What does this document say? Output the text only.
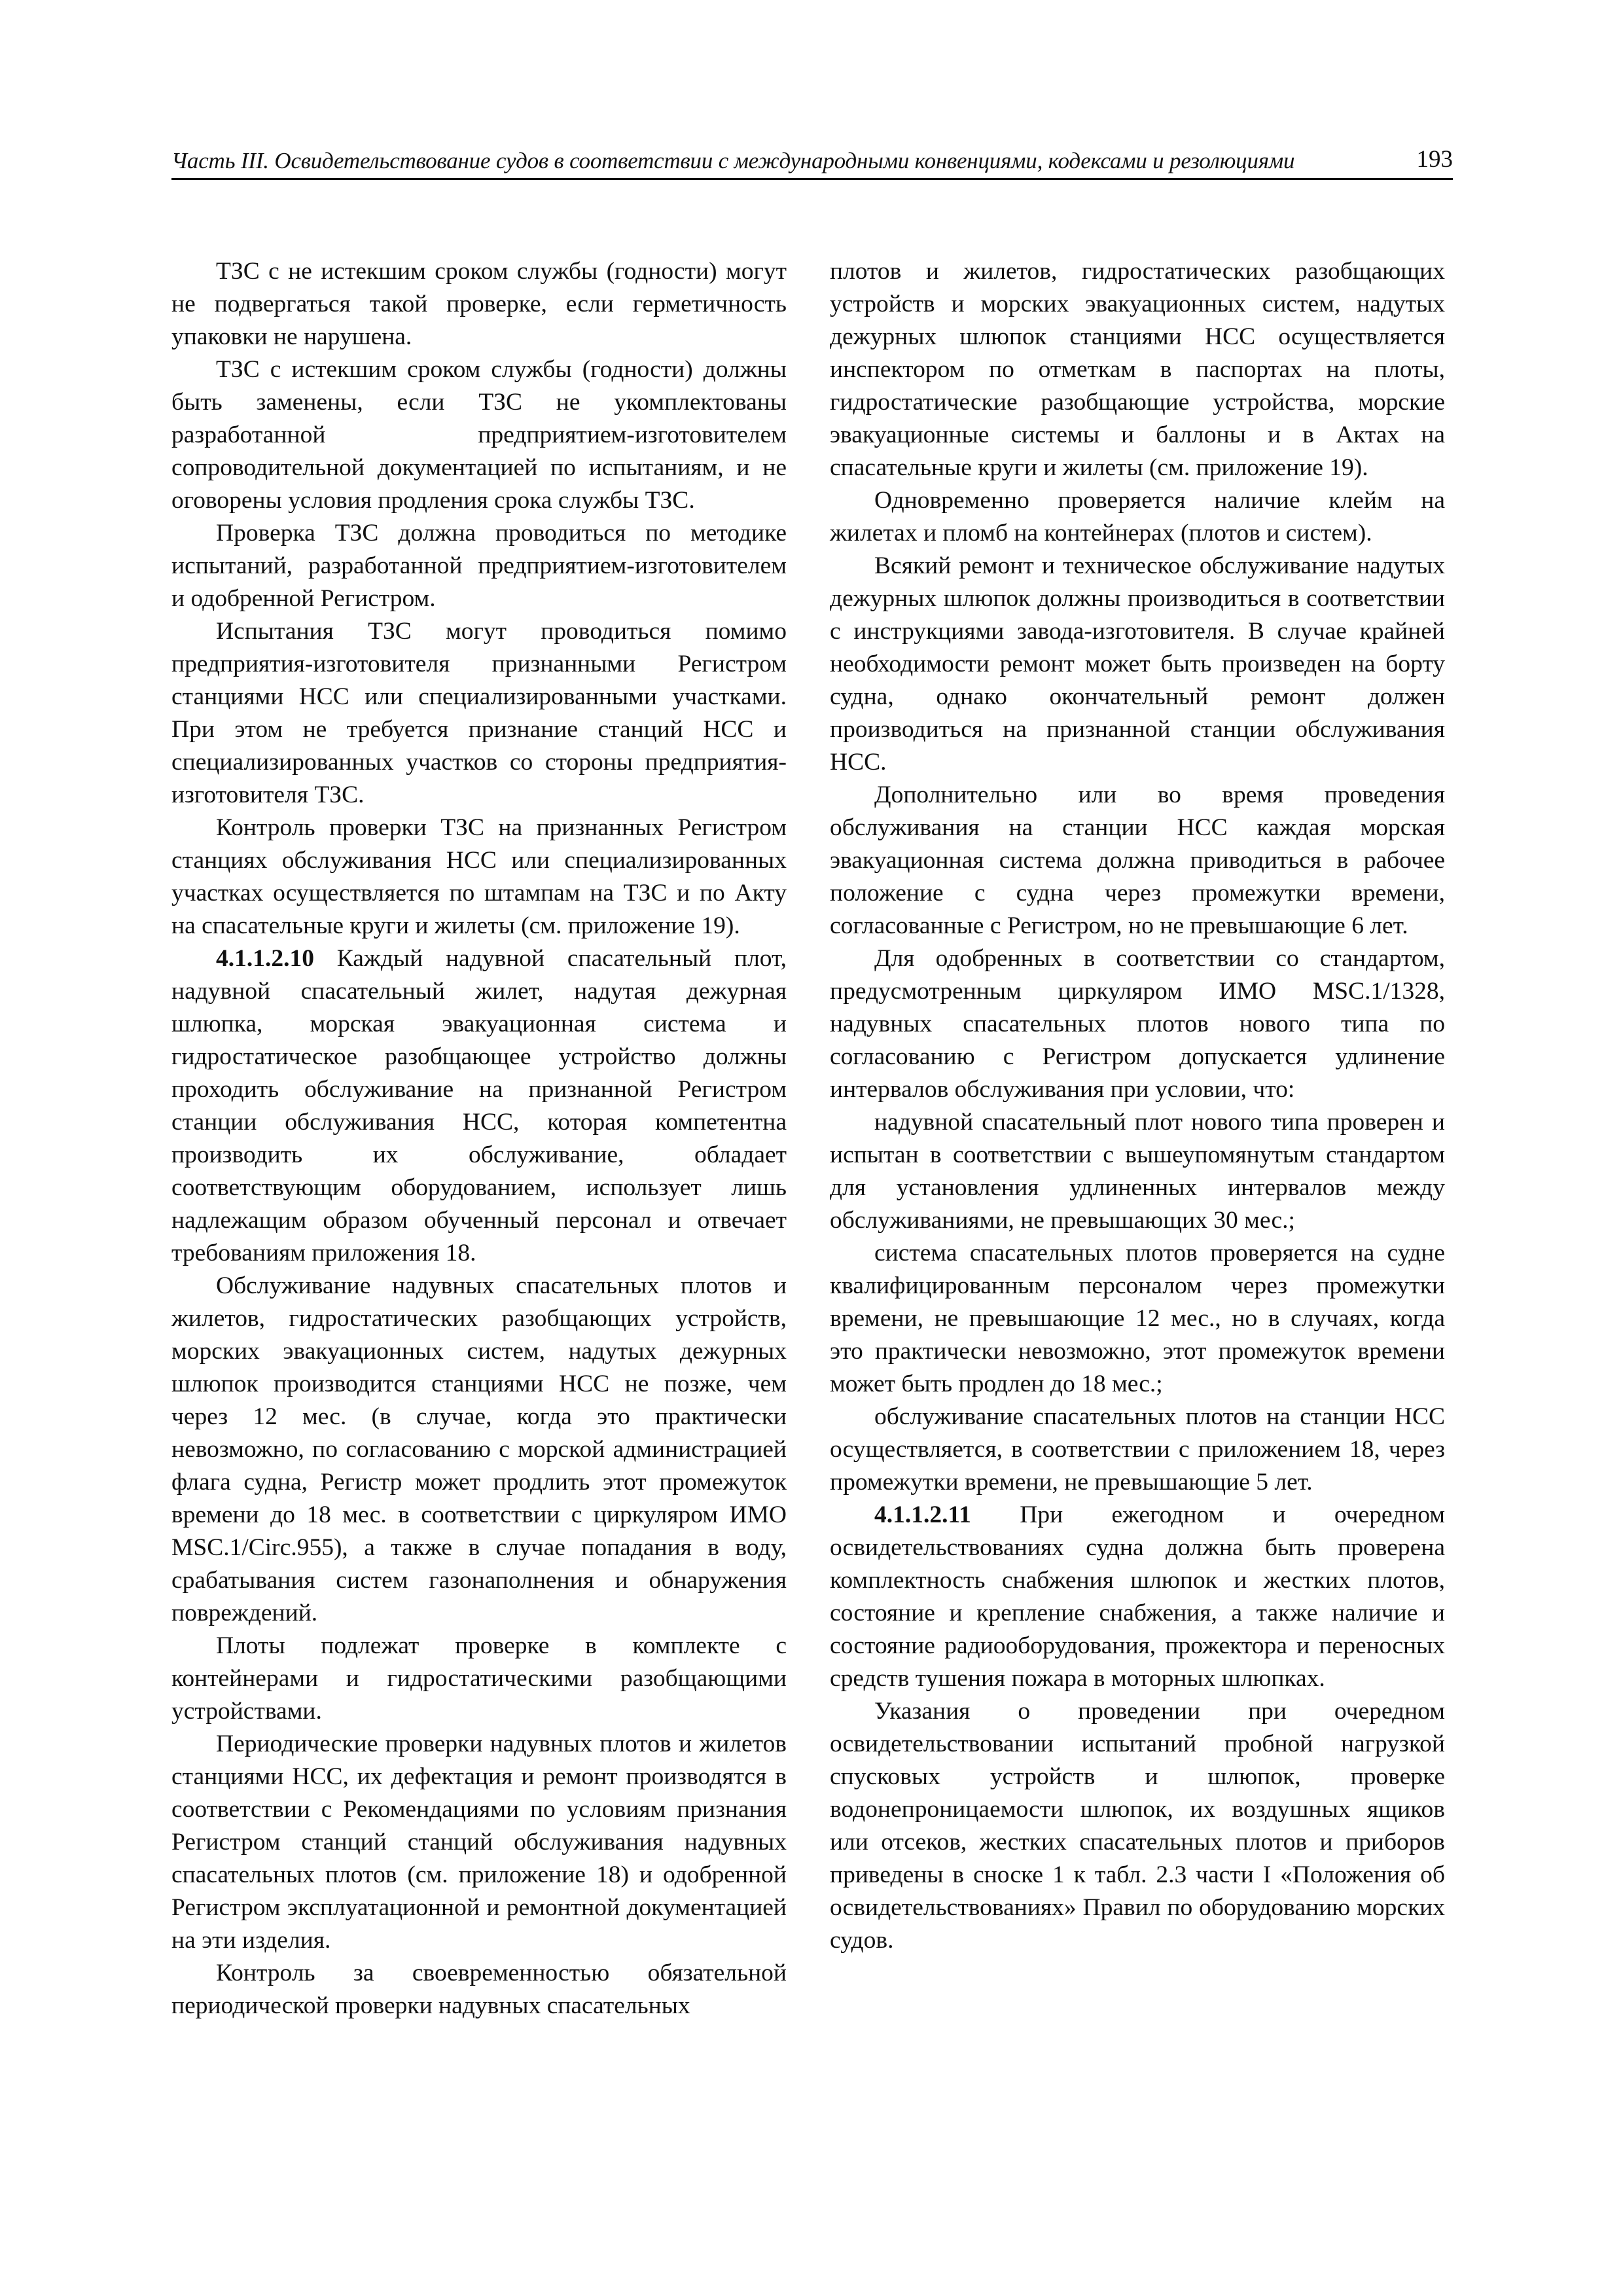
Часть III. Освидетельствование судов в соответствии с международными конвенциями, кодексами и резолюциями	193

ТЗС с не истекшим сроком службы (годности) могут не подвергаться такой проверке, если герметичность упаковки не нарушена.

ТЗС с истекшим сроком службы (годности) должны быть заменены, если ТЗС не укомплектованы разработанной предприятием-изготовителем сопроводительной документацией по испытаниям, и не оговорены условия продления срока службы ТЗС.

Проверка ТЗС должна проводиться по методике испытаний, разработанной предприятием-изготовителем и одобренной Регистром.

Испытания ТЗС могут проводиться помимо предприятия-изготовителя признанными Регистром станциями НСС или специализированными участками. При этом не требуется признание станций НСС и специализированных участков со стороны предприятия-изготовителя ТЗС.

Контроль проверки ТЗС на признанных Регистром станциях обслуживания НСС или специализированных участках осуществляется по штампам на ТЗС и по Акту на спасательные круги и жилеты (см. приложение 19).

4.1.1.2.10 Каждый надувной спасательный плот, надувной спасательный жилет, надутая дежурная шлюпка, морская эвакуационная система и гидростатическое разобщающее устройство должны проходить обслуживание на признанной Регистром станции обслуживания НСС, которая компетентна производить их обслуживание, обладает соответствующим оборудованием, использует лишь надлежащим образом обученный персонал и отвечает требованиям приложения 18.

Обслуживание надувных спасательных плотов и жилетов, гидростатических разобщающих устройств, морских эвакуационных систем, надутых дежурных шлюпок производится станциями НСС не позже, чем через 12 мес. (в случае, когда это практически невозможно, по согласованию с морской администрацией флага судна, Регистр может продлить этот промежуток времени до 18 мес. в соответствии с циркуляром ИМО MSC.1/Circ.955), а также в случае попадания в воду, срабатывания систем газонаполнения и обнаружения повреждений.

Плоты подлежат проверке в комплекте с контейнерами и гидростатическими разобщающими устройствами.

Периодические проверки надувных плотов и жилетов станциями НСС, их дефектация и ремонт производятся в соответствии с Рекомендациями по условиям признания Регистром станций станций обслуживания надувных спасательных плотов (см. приложение 18) и одобренной Регистром эксплуатационной и ремонтной документацией на эти изделия.

Контроль за своевременностью обязательной периодической проверки надувных спасательных

плотов и жилетов, гидростатических разобщающих устройств и морских эвакуационных систем, надутых дежурных шлюпок станциями НСС осуществляется инспектором по отметкам в паспортах на плоты, гидростатические разобщающие устройства, морские эвакуационные системы и баллоны и в Актах на спасательные круги и жилеты (см. приложение 19).

Одновременно проверяется наличие клейм на жилетах и пломб на контейнерах (плотов и систем).

Всякий ремонт и техническое обслуживание надутых дежурных шлюпок должны производиться в соответствии с инструкциями завода-изготовителя. В случае крайней необходимости ремонт может быть произведен на борту судна, однако окончательный ремонт должен производиться на признанной станции обслуживания НСС.

Дополнительно или во время проведения обслуживания на станции НСС каждая морская эвакуационная система должна приводиться в рабочее положение с судна через промежутки времени, согласованные с Регистром, но не превышающие 6 лет.

Для одобренных в соответствии со стандартом, предусмотренным циркуляром ИМО MSC.1/1328, надувных спасательных плотов нового типа по согласованию с Регистром допускается удлинение интервалов обслуживания при условии, что:

надувной спасательный плот нового типа проверен и испытан в соответствии с вышеупомянутым стандартом для установления удлиненных интервалов между обслуживаниями, не превышающих 30 мес.;

система спасательных плотов проверяется на судне квалифицированным персоналом через промежутки времени, не превышающие 12 мес., но в случаях, когда это практически невозможно, этот промежуток времени может быть продлен до 18 мес.;

обслуживание спасательных плотов на станции НСС осуществляется, в соответствии с приложением 18, через промежутки времени, не превышающие 5 лет.

4.1.1.2.11 При ежегодном и очередном освидетельствованиях судна должна быть проверена комплектность снабжения шлюпок и жестких плотов, состояние и крепление снабжения, а также наличие и состояние радиооборудования, прожектора и переносных средств тушения пожара в моторных шлюпках.

Указания о проведении при очередном освидетельствовании испытаний пробной нагрузкой спусковых устройств и шлюпок, проверке водонепроницаемости шлюпок, их воздушных ящиков или отсеков, жестких спасательных плотов и приборов приведены в сноске 1 к табл. 2.3 части I «Положения об освидетельствованиях» Правил по оборудованию морских судов.
